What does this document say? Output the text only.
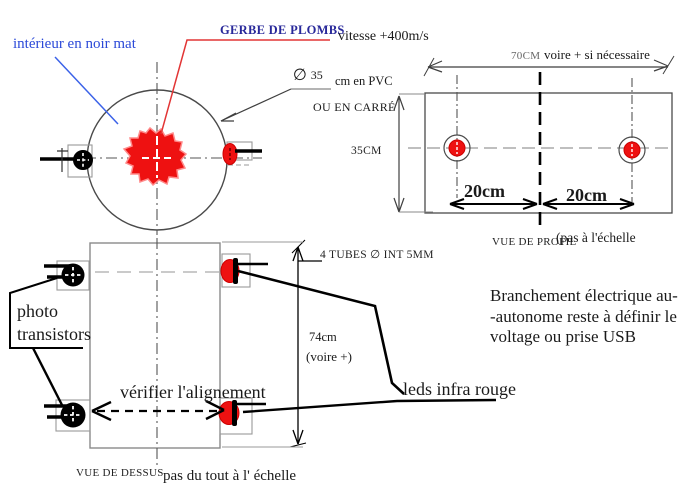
intérieur en noir mat
GERBE DE PLOMBS
vitesse +400m/s
∅ 35 cm en PVC
OU EN CARRÉ
70CM voire + si nécessaire
35CM
20cm	20cm
VUE DE PROFIL
(pas à l'échelle
4 TUBES ∅ INT 5MM
74cm
(voire +)
photo transistors
vérifier l'alignement	leds infra rouge
VUE DE DESSUS pas du tout à l' échelle
Branchement électrique au-
-autonome reste à définir le
voltage ou prise USB
